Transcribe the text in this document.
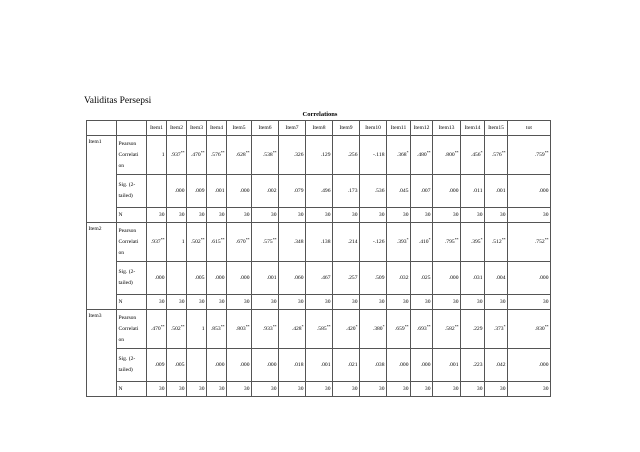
Validitas Persepsi
Correlations
		Item1	Item2	Item3	Item4	Item5	Item6	Item7	Item8	Item9	Item10	Item11	Item12	Item13	Item14	Item15	tot
Item1	Pearson Correlati on	1	.937**	.470**	.576**	.628**	.538**	.326	.129	.256	-.118	.368*	.480**	.800**	.456*	.576**	.759**
	Sig. (2-tailed)		.000	.009	.001	.000	.002	.079	.496	.173	.536	.045	.007	.000	.011	.001	.000
	N	30	30	30	30	30	30	30	30	30	30	30	30	30	30	30	30
Item2	Pearson Correlati on	.937**	1	.502**	.615**	.670**	.575**	.348	.138	.214	-.126	.393*	.410*	.795**	.395*	.512**	.752**
	Sig. (2-tailed)	.000		.005	.000	.000	.001	.060	.467	.257	.509	.032	.025	.000	.031	.004	.000
	N	30	30	30	30	30	30	30	30	30	30	30	30	30	30	30	30
Item3	Pearson Correlati on	.470**	.502**	1	.853**	.803**	.933**	.428*	.585**	.420*	.380*	.659**	.693**	.582**	.229	.373*	.830**
	Sig. (2-tailed)	.009	.005		.000	.000	.000	.018	.001	.021	.038	.000	.000	.001	.223	.042	.000
	N	30	30	30	30	30	30	30	30	30	30	30	30	30	30	30	30
